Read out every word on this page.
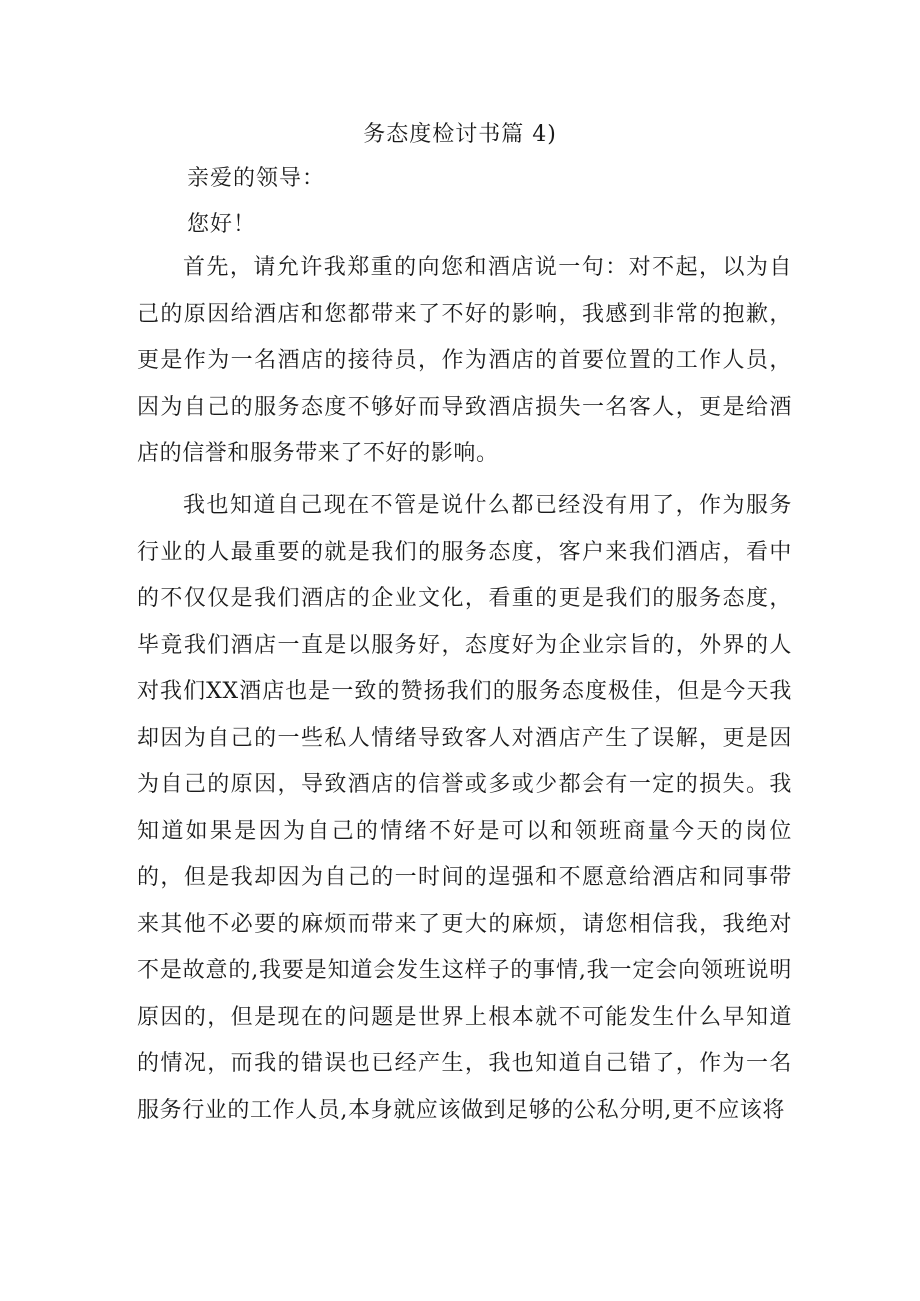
务态度检讨书篇 4)
亲爱的领导：
您好！

首先，请允许我郑重的向您和酒店说一句：对不起，以为自己的原因给酒店和您都带来了不好的影响，我感到非常的抱歉，更是作为一名酒店的接待员，作为酒店的首要位置的工作人员，因为自己的服务态度不够好而导致酒店损失一名客人，更是给酒店的信誉和服务带来了不好的影响。

我也知道自己现在不管是说什么都已经没有用了，作为服务行业的人最重要的就是我们的服务态度，客户来我们酒店，看中的不仅仅是我们酒店的企业文化，看重的更是我们的服务态度，毕竟我们酒店一直是以服务好，态度好为企业宗旨的，外界的人对我们XX酒店也是一致的赞扬我们的服务态度极佳，但是今天我却因为自己的一些私人情绪导致客人对酒店产生了误解，更是因为自己的原因，导致酒店的信誉或多或少都会有一定的损失。我知道如果是因为自己的情绪不好是可以和领班商量今天的岗位的，但是我却因为自己的一时间的逞强和不愿意给酒店和同事带来其他不必要的麻烦而带来了更大的麻烦，请您相信我，我绝对不是故意的,我要是知道会发生这样子的事情,我一定会向领班说明原因的，但是现在的问题是世界上根本就不可能发生什么早知道的情况，而我的错误也已经产生，我也知道自己错了，作为一名服务行业的工作人员,本身就应该做到足够的公私分明,更不应该将
